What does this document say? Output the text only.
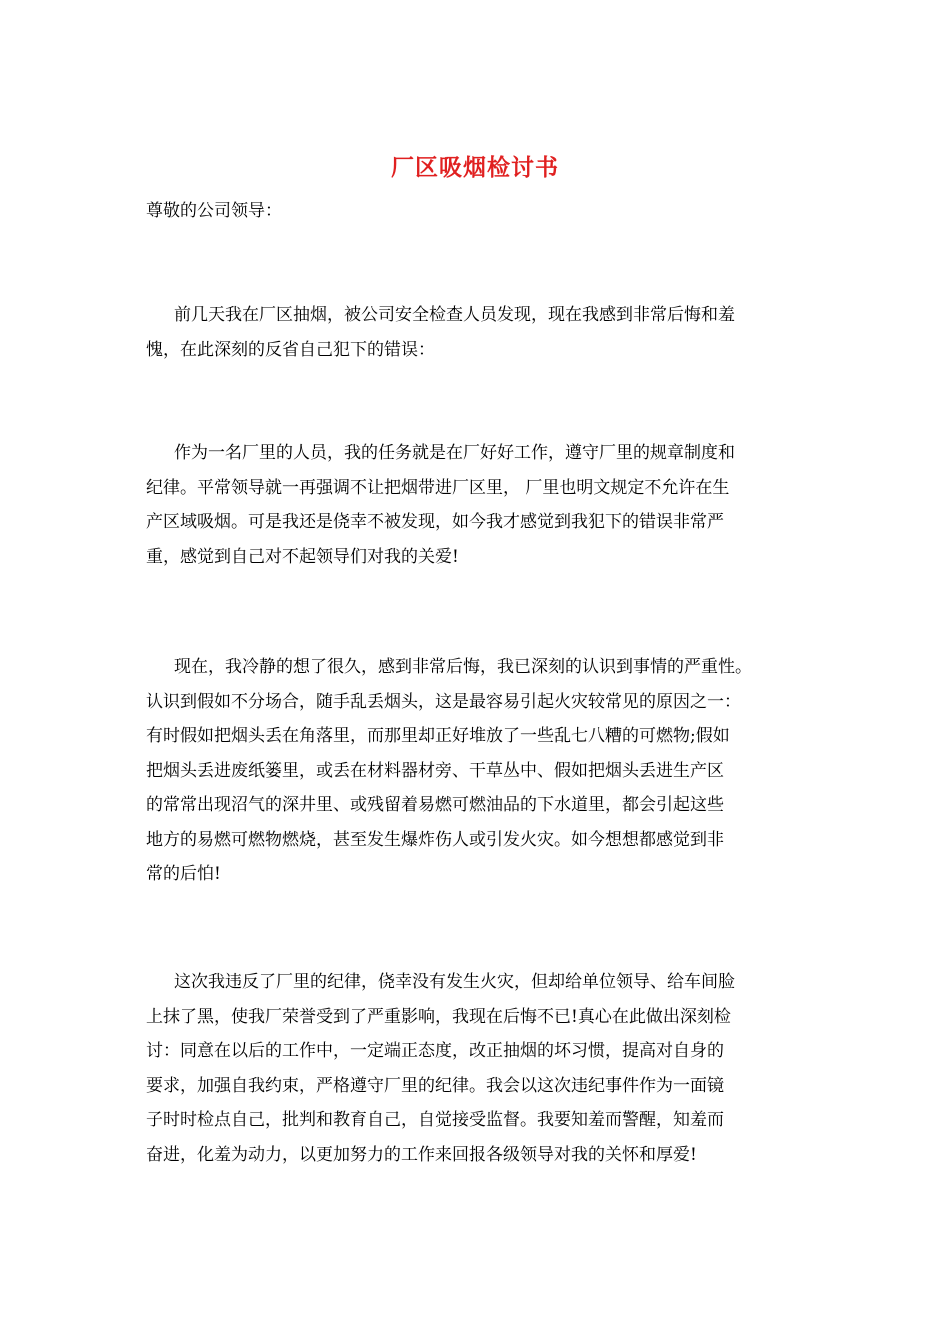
厂区吸烟检讨书
尊敬的公司领导：
前几天我在厂区抽烟，被公司安全检查人员发现，现在我感到非常后悔和羞
愧，在此深刻的反省自己犯下的错误：
作为一名厂里的人员，我的任务就是在厂好好工作，遵守厂里的规章制度和
纪律。平常领导就一再强调不让把烟带进厂区里， 厂里也明文规定不允许在生
产区域吸烟。可是我还是侥幸不被发现，如今我才感觉到我犯下的错误非常严
重，感觉到自己对不起领导们对我的关爱!
现在，我冷静的想了很久，感到非常后悔，我已深刻的认识到事情的严重性。
认识到假如不分场合，随手乱丢烟头，这是最容易引起火灾较常见的原因之一：
有时假如把烟头丢在角落里，而那里却正好堆放了一些乱七八糟的可燃物;假如
把烟头丢进废纸篓里，或丢在材料器材旁、干草丛中、假如把烟头丢进生产区
的常常出现沼气的深井里、或残留着易燃可燃油品的下水道里，都会引起这些
地方的易燃可燃物燃烧，甚至发生爆炸伤人或引发火灾。如今想想都感觉到非
常的后怕!
这次我违反了厂里的纪律，侥幸没有发生火灾，但却给单位领导、给车间脸
上抹了黑，使我厂荣誉受到了严重影响，我现在后悔不已!真心在此做出深刻检
讨：同意在以后的工作中，一定端正态度，改正抽烟的坏习惯，提高对自身的
要求，加强自我约束，严格遵守厂里的纪律。我会以这次违纪事件作为一面镜
子时时检点自己，批判和教育自己，自觉接受监督。我要知羞而警醒，知羞而
奋进，化羞为动力，以更加努力的工作来回报各级领导对我的关怀和厚爱!
